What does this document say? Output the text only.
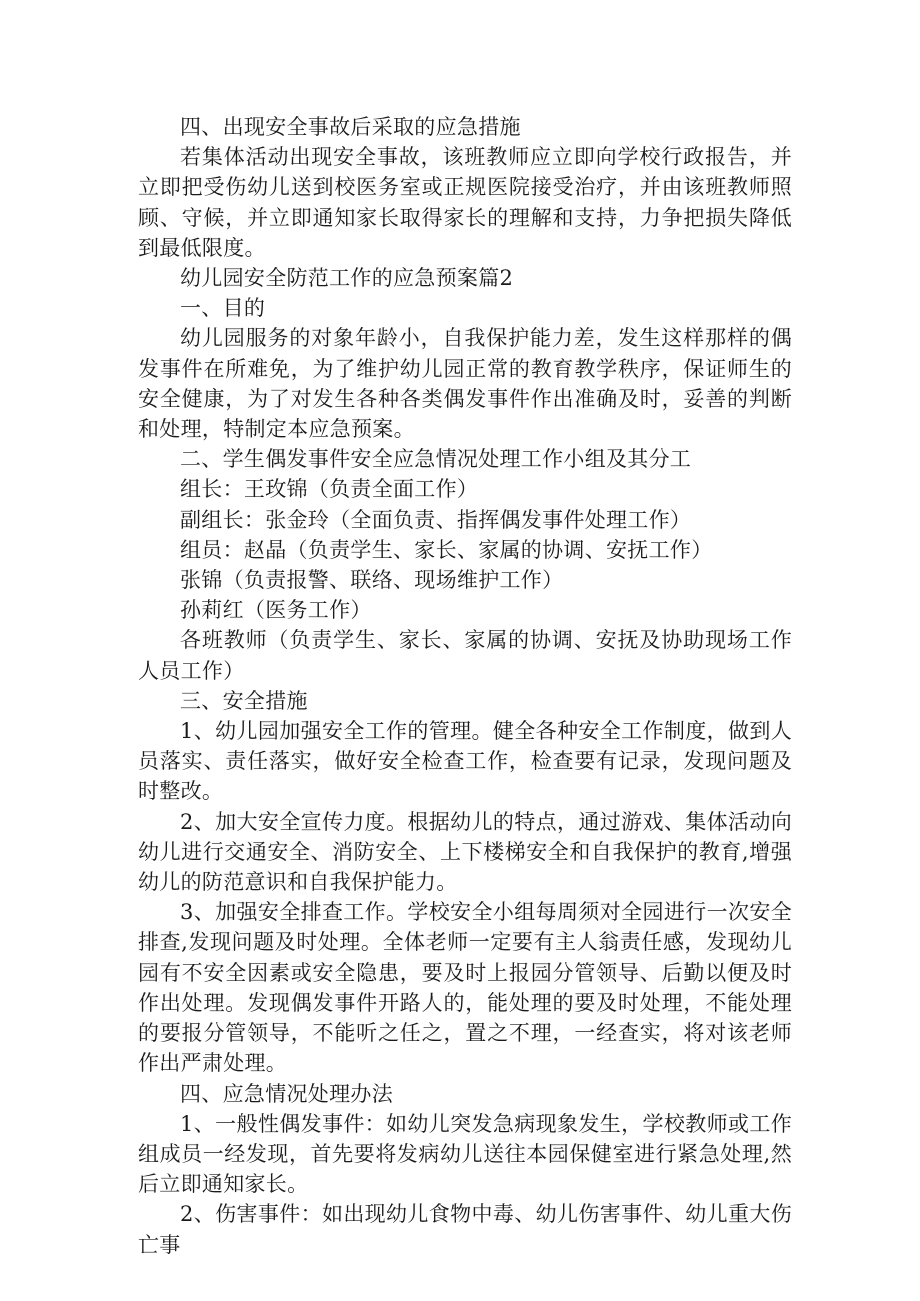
四、出现安全事故后采取的应急措施

若集体活动出现安全事故，该班教师应立即向学校行政报告，并立即把受伤幼儿送到校医务室或正规医院接受治疗，并由该班教师照顾、守候，并立即通知家长取得家长的理解和支持，力争把损失降低到最低限度。

幼儿园安全防范工作的应急预案篇2

一、目的

幼儿园服务的对象年龄小，自我保护能力差，发生这样那样的偶发事件在所难免，为了维护幼儿园正常的教育教学秩序，保证师生的安全健康，为了对发生各种各类偶发事件作出准确及时，妥善的判断和处理，特制定本应急预案。

二、学生偶发事件安全应急情况处理工作小组及其分工

组长：王玫锦（负责全面工作）

副组长：张金玲（全面负责、指挥偶发事件处理工作）

组员：赵晶（负责学生、家长、家属的协调、安抚工作）

张锦（负责报警、联络、现场维护工作）

孙莉红（医务工作）

各班教师（负责学生、家长、家属的协调、安抚及协助现场工作人员工作）

三、安全措施

1、幼儿园加强安全工作的管理。健全各种安全工作制度，做到人员落实、责任落实，做好安全检查工作，检查要有记录，发现问题及时整改。

2、加大安全宣传力度。根据幼儿的特点，通过游戏、集体活动向幼儿进行交通安全、消防安全、上下楼梯安全和自我保护的教育,增强幼儿的防范意识和自我保护能力。

3、加强安全排查工作。学校安全小组每周须对全园进行一次安全排查,发现问题及时处理。全体老师一定要有主人翁责任感，发现幼儿园有不安全因素或安全隐患，要及时上报园分管领导、后勤以便及时作出处理。发现偶发事件开路人的，能处理的要及时处理，不能处理的要报分管领导，不能听之任之，置之不理，一经查实，将对该老师作出严肃处理。

四、应急情况处理办法

1、一般性偶发事件：如幼儿突发急病现象发生，学校教师或工作组成员一经发现，首先要将发病幼儿送往本园保健室进行紧急处理,然后立即通知家长。

2、伤害事件：如出现幼儿食物中毒、幼儿伤害事件、幼儿重大伤亡事
